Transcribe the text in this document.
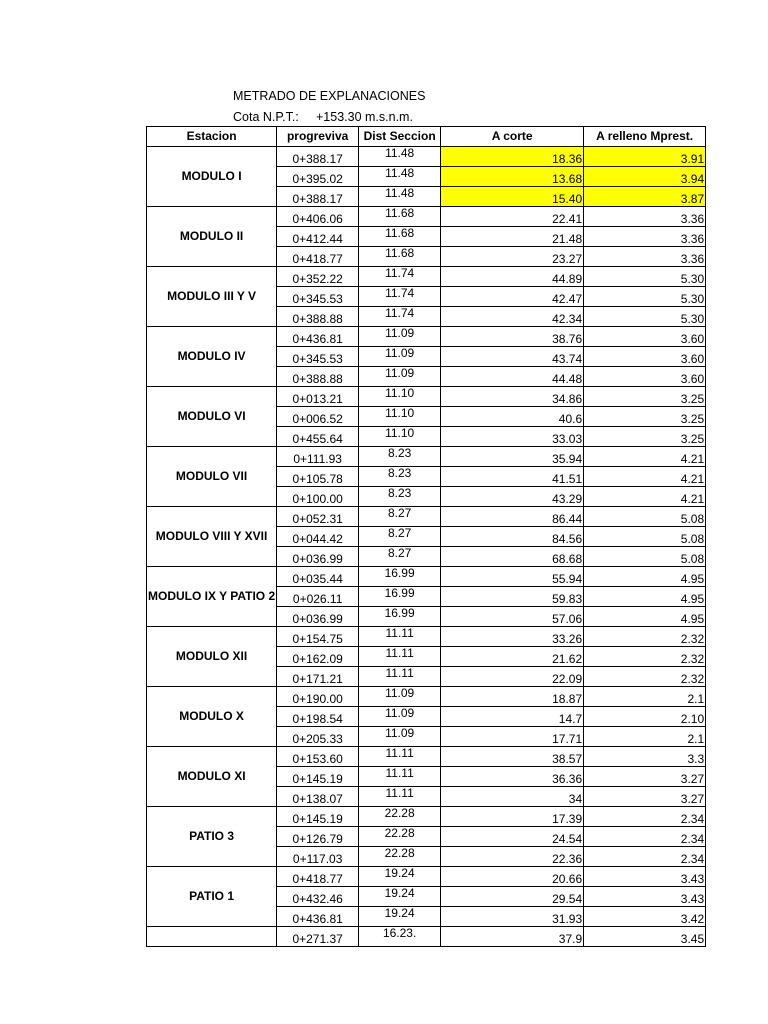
METRADO DE EXPLANACIONES
Cota N.P.T.: +153.30 m.s.n.m.
Estacion	progreviva	Dist Seccion	A corte	A relleno Mprest.
MODULO I	0+388.17	11.48	18.36	3.91
	0+395.02	11.48	13.68	3.94
	0+388.17	11.48	15.40	3.87
MODULO II	0+406.06	11.68	22.41	3.36
	0+412.44	11.68	21.48	3.36
	0+418.77	11.68	23.27	3.36
MODULO III Y V	0+352.22	11.74	44.89	5.30
	0+345.53	11.74	42.47	5.30
	0+388.88	11.74	42.34	5.30
MODULO IV	0+436.81	11.09	38.76	3.60
	0+345.53	11.09	43.74	3.60
	0+388.88	11.09	44.48	3.60
MODULO VI	0+013.21	11.10	34.86	3.25
	0+006.52	11.10	40.6	3.25
	0+455.64	11.10	33.03	3.25
MODULO VII	0+111.93	8.23	35.94	4.21
	0+105.78	8.23	41.51	4.21
	0+100.00	8.23	43.29	4.21
MODULO VIII Y XVII	0+052.31	8.27	86.44	5.08
	0+044.42	8.27	84.56	5.08
	0+036.99	8.27	68.68	5.08
MODULO IX Y PATIO 2	0+035.44	16.99	55.94	4.95
	0+026.11	16.99	59.83	4.95
	0+036.99	16.99	57.06	4.95
MODULO XII	0+154.75	11.11	33.26	2.32
	0+162.09	11.11	21.62	2.32
	0+171.21	11.11	22.09	2.32
MODULO X	0+190.00	11.09	18.87	2.1
	0+198.54	11.09	14.7	2.10
	0+205.33	11.09	17.71	2.1
MODULO XI	0+153.60	11.11	38.57	3.3
	0+145.19	11.11	36.36	3.27
	0+138.07	11.11	34	3.27
PATIO 3	0+145.19	22.28	17.39	2.34
	0+126.79	22.28	24.54	2.34
	0+117.03	22.28	22.36	2.34
PATIO 1	0+418.77	19.24	20.66	3.43
	0+432.46	19.24	29.54	3.43
	0+436.81	19.24	31.93	3.42
	0+271.37	16.23.	37.9	3.45
